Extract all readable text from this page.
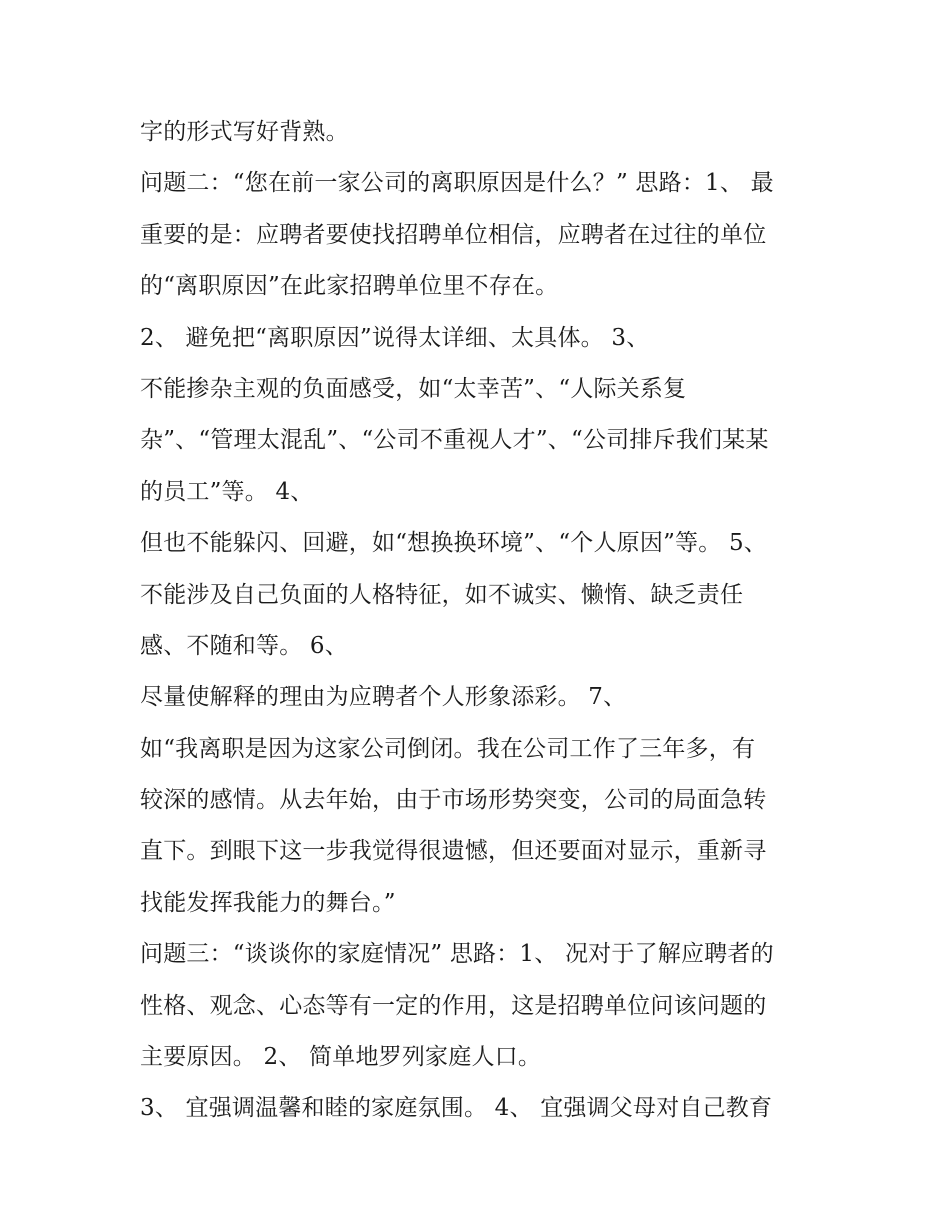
字的形式写好背熟。
问题二：“您在前一家公司的离职原因是什么？” 思路：1、 最
重要的是：应聘者要使找招聘单位相信，应聘者在过往的单位
的“离职原因”在此家招聘单位里不存在。
2、 避免把“离职原因”说得太详细、太具体。 3、
不能掺杂主观的负面感受，如“太幸苦”、“人际关系复
杂”、“管理太混乱”、“公司不重视人才”、“公司排斥我们某某
的员工”等。 4、
但也不能躲闪、回避，如“想换换环境”、“个人原因”等。 5、
不能涉及自己负面的人格特征，如不诚实、懒惰、缺乏责任
感、不随和等。 6、
尽量使解释的理由为应聘者个人形象添彩。 7、
如“我离职是因为这家公司倒闭。我在公司工作了三年多，有
较深的感情。从去年始，由于市场形势突变，公司的局面急转
直下。到眼下这一步我觉得很遗憾，但还要面对显示，重新寻
找能发挥我能力的舞台。”
问题三：“谈谈你的家庭情况” 思路：1、 况对于了解应聘者的
性格、观念、心态等有一定的作用，这是招聘单位问该问题的
主要原因。 2、 简单地罗列家庭人口。
3、 宜强调温馨和睦的家庭氛围。 4、 宜强调父母对自己教育
